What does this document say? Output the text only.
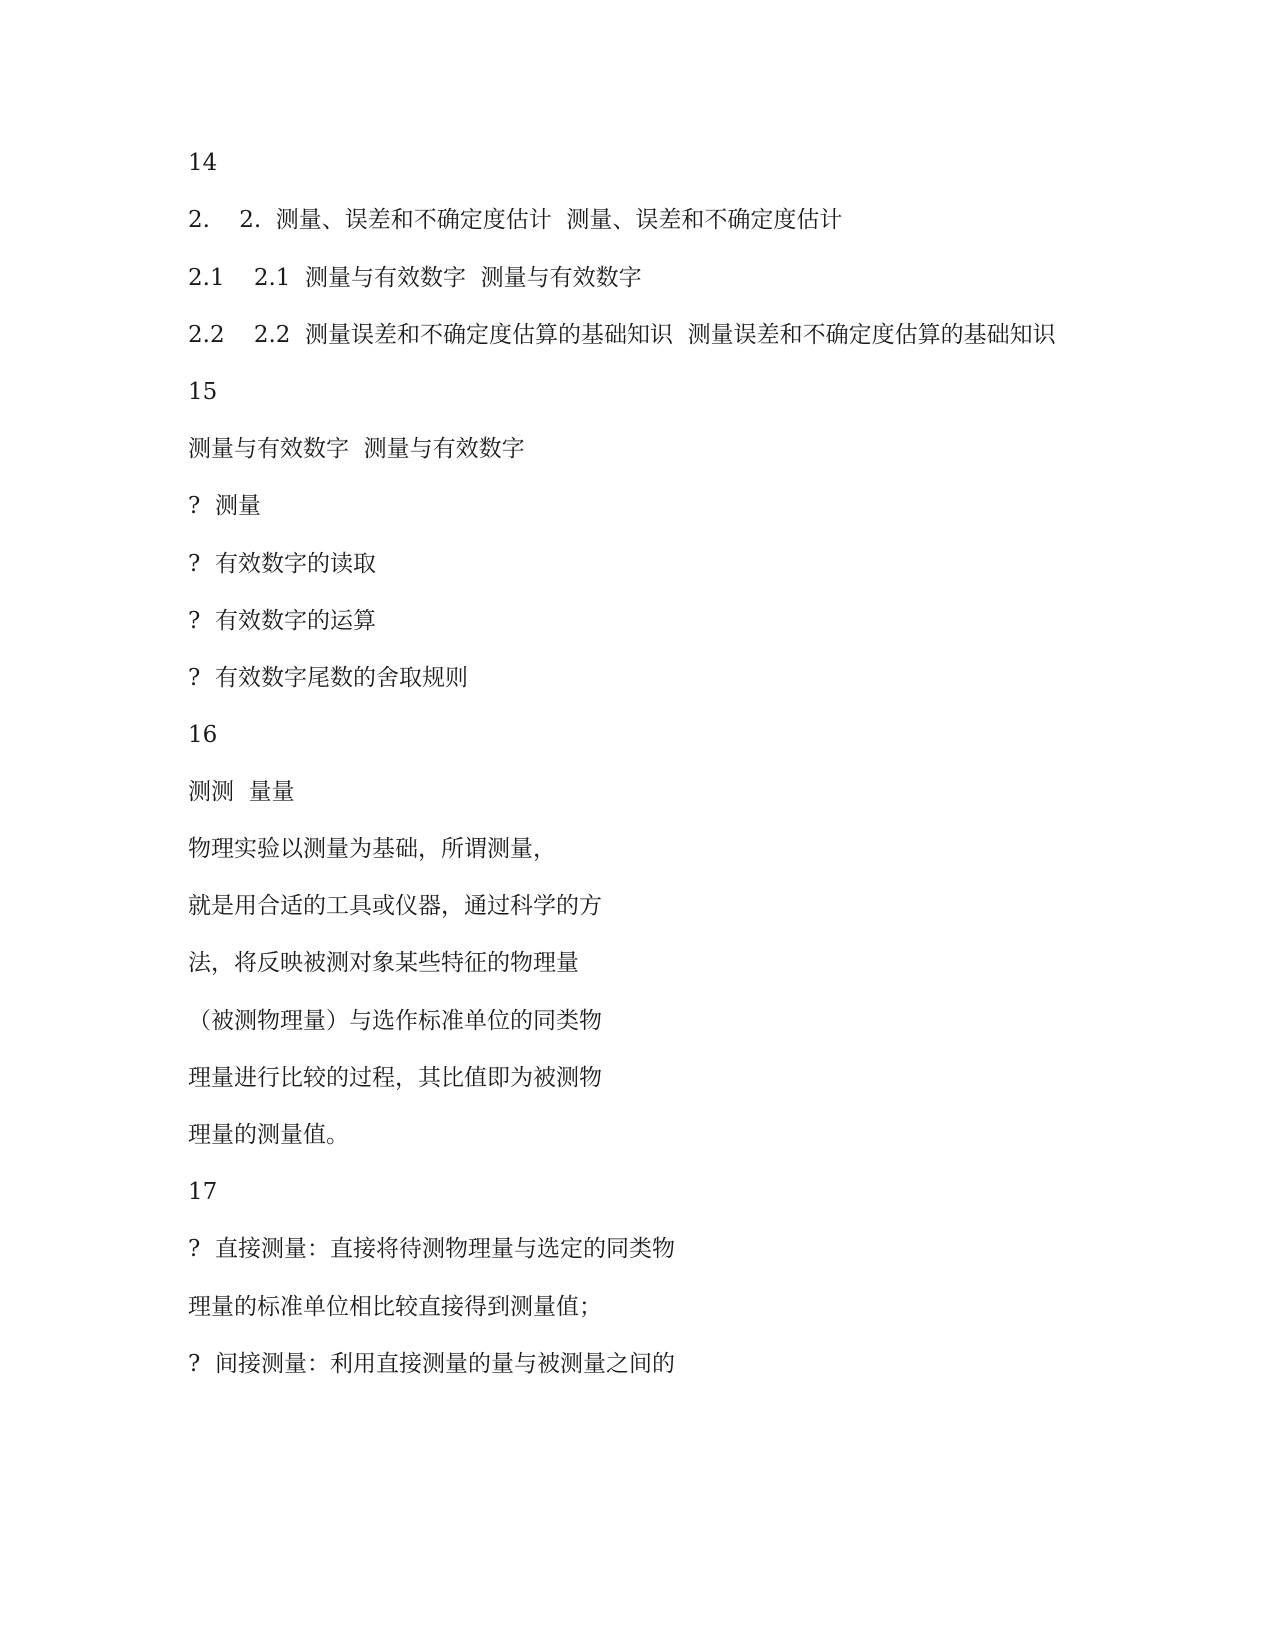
14
2.    2.  测量、误差和不确定度估计  测量、误差和不确定度估计
2.1    2.1  测量与有效数字  测量与有效数字
2.2    2.2  测量误差和不确定度估算的基础知识  测量误差和不确定度估算的基础知识
15
测量与有效数字  测量与有效数字
?  测量
?  有效数字的读取
?  有效数字的运算
?  有效数字尾数的舍取规则
16
测测  量量
物理实验以测量为基础，所谓测量，
就是用合适的工具或仪器，通过科学的方
法，将反映被测对象某些特征的物理量
（被测物理量）与选作标准单位的同类物
理量进行比较的过程，其比值即为被测物
理量的测量值。
17
?  直接测量：直接将待测物理量与选定的同类物
理量的标准单位相比较直接得到测量值；
?  间接测量：利用直接测量的量与被测量之间的
